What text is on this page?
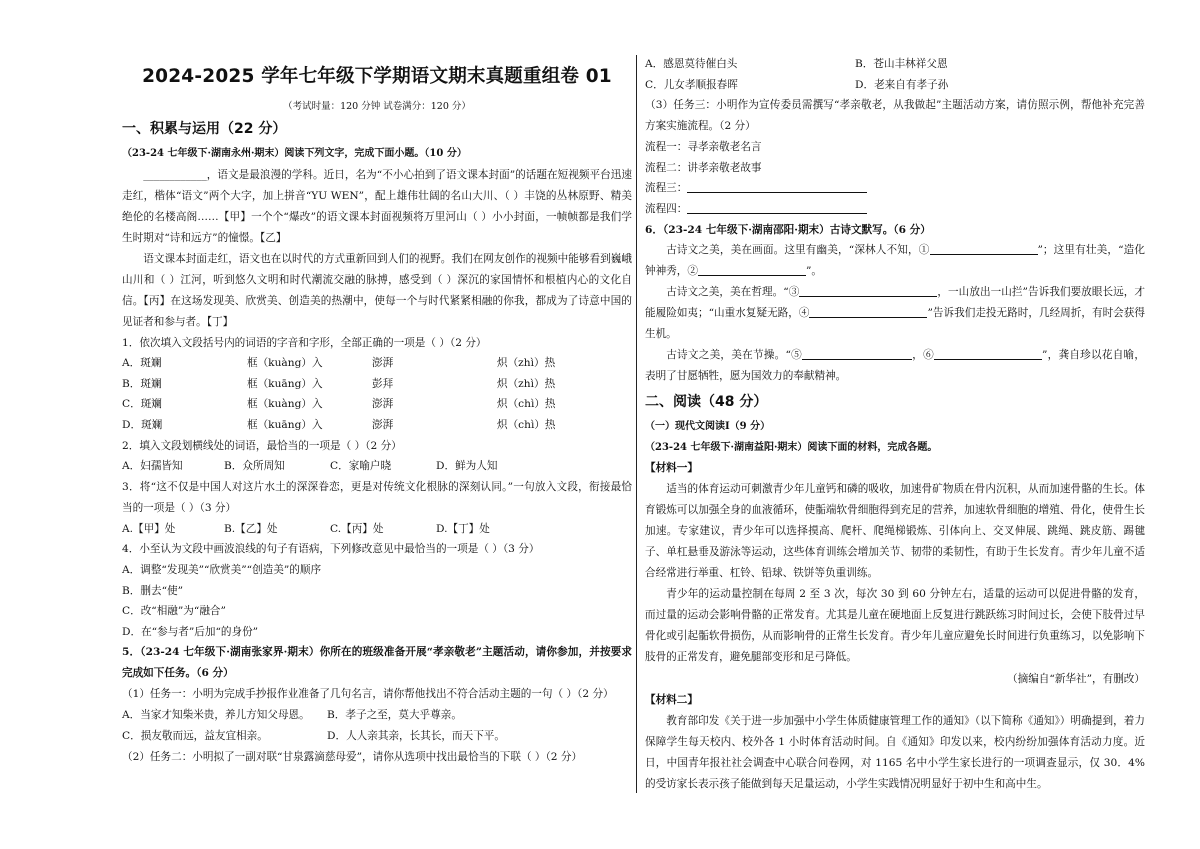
2024-2025 学年七年级下学期语文期末真题重组卷 01
（考试时量：120 分钟 试卷满分：120 分）
一、积累与运用（22 分）

（23-24 七年级下·湖南永州·期末）阅读下列文字，完成下面小题。（10 分）

____________，语文是最浪漫的学科。近日，名为“不小心拍到了语文课本封面”的话题在短视频平台迅速走红，楷体“语文”两个大字，加上拼音“YU WEN”，配上雄伟壮阔的名山大川、（ ）丰饶的丛林原野、精美绝伦的名楼高阁……【甲】一个个“爆改”的语文课本封面视频将万里河山（ ）小小封面，一帧帧都是我们学生时期对“诗和远方”的憧憬。【乙】

语文课本封面走红，语文也在以时代的方式重新回到人们的视野。我们在网友创作的视频中能够看到巍峨山川和（ ）江河，听到悠久文明和时代潮流交融的脉搏，感受到（ ）深沉的家国情怀和根植内心的文化自信。【丙】在这场发现美、欣赏美、创造美的热潮中，使每一个与时代紧紧相融的你我，都成为了诗意中国的见证者和参与者。【丁】

1．依次填入文段括号内的词语的字音和字形，全部正确的一项是（ ）（2 分）

A．斑斓	框（kuàng）入	澎湃	炽（zhì）热
B．斑斓	框（kuāng）入	彭拜	炽（zhì）热
C．斑斓	框（kuàng）入	澎湃	炽（chì）热
D．斑斓	框（kuāng）入	澎湃	炽（chì）热

2．填入文段划横线处的词语，最恰当的一项是（ ）（2 分）

A．妇孺皆知	B．众所周知	C．家喻户晓	D．鲜为人知

3．将“这不仅是中国人对这片水土的深深眷恋，更是对传统文化根脉的深刻认同。”一句放入文段，衔接最恰当的一项是（ ）（3 分）

A.【甲】处	B.【乙】处	C.【丙】处	D.【丁】处

4．小至认为文段中画波浪线的句子有语病，下列修改意见中最恰当的一项是（ ）（3 分）

A．调整“发现美”“欣赏美”“创造美”的顺序

B．删去“使”

C．改“相融”为“融合”

D．在“参与者”后加“的身份”

5．（23-24 七年级下·湖南张家界·期末）你所在的班级准备开展“孝亲敬老”主题活动，请你参加，并按要求完成如下任务。（6 分）

（1）任务一：小明为完成手抄报作业准备了几句名言，请你帮他找出不符合活动主题的一句（ ）（2 分）

A．当家才知柴米贵，养儿方知父母恩。	B．孝子之至，莫大乎尊亲。
C．损友敬而远，益友宜相亲。	D．人人亲其亲，长其长，而天下平。

（2）任务二：小明拟了一副对联“甘泉露滴慈母爱”，请你从选项中找出最恰当的下联（ ）（2 分）

A．感恩莫待催白头	B．苍山丰林祥父恩
C．儿女孝顺报春晖	D．老来自有孝子孙

（3）任务三：小明作为宣传委员需撰写“孝亲敬老，从我做起”主题活动方案，请仿照示例，帮他补充完善方案实施流程。（2 分）

流程一：寻孝亲敬老名言

流程二：讲孝亲敬老故事

流程三：

流程四：

6．（23-24 七年级下·湖南邵阳·期末）古诗文默写。（6 分）

古诗文之美，美在画面。这里有幽美，“深林人不知，①	”；这里有壮美，“造化钟神秀，②	”。

古诗文之美，美在哲理。“③	，一山放出一山拦”告诉我们要放眼长远，才能履险如夷；“山重水复疑无路，④	”告诉我们走投无路时，几经周折，有时会获得生机。

古诗文之美，美在节操。“⑤	，⑥	”，龚自珍以花自喻，表明了甘愿牺牲，愿为国效力的奉献精神。

二、阅读（48 分）

（一）现代文阅读Ⅰ（9 分）

（23-24 七年级下·湖南益阳·期末）阅读下面的材料，完成各题。

【材料一】

适当的体育运动可刺激青少年儿童钙和磷的吸收，加速骨矿物质在骨内沉积，从而加速骨骼的生长。体育锻炼可以加强全身的血液循环，使骺端软骨细胞得到充足的营养，加速软骨细胞的增殖、骨化，使骨生长加速。专家建议，青少年可以选择摸高、爬杆、爬绳梯锻炼、引体向上、交叉伸展、跳绳、跳皮筋、踢毽子、单杠悬垂及游泳等运动，这些体育训练会增加关节、韧带的柔韧性，有助于生长发育。青少年儿童不适合经常进行举重、杠铃、铅球、铁饼等负重训练。

青少年的运动量控制在每周 2 至 3 次，每次 30 到 60 分钟左右，适量的运动可以促进骨骼的发育，而过量的运动会影响骨骼的正常发育。尤其是儿童在硬地面上反复进行跳跃练习时间过长，会使下肢骨过早骨化或引起骺软骨损伤，从而影响骨的正常生长发育。青少年儿童应避免长时间进行负重练习，以免影响下肢骨的正常发育，避免腿部变形和足弓降低。

（摘编自“新华社”，有删改）

【材料二】

教育部印发《关于进一步加强中小学生体质健康管理工作的通知》（以下简称《通知》）明确提到，着力保障学生每天校内、校外各 1 小时体育活动时间。自《通知》印发以来，校内纷纷加强体育活动力度。近日，中国青年报社社会调查中心联合问卷网，对 1165 名中小学生家长进行的一项调查显示，仅 30．4%的受访家长表示孩子能做到每天足量运动，小学生实践情况明显好于初中生和高中生。
